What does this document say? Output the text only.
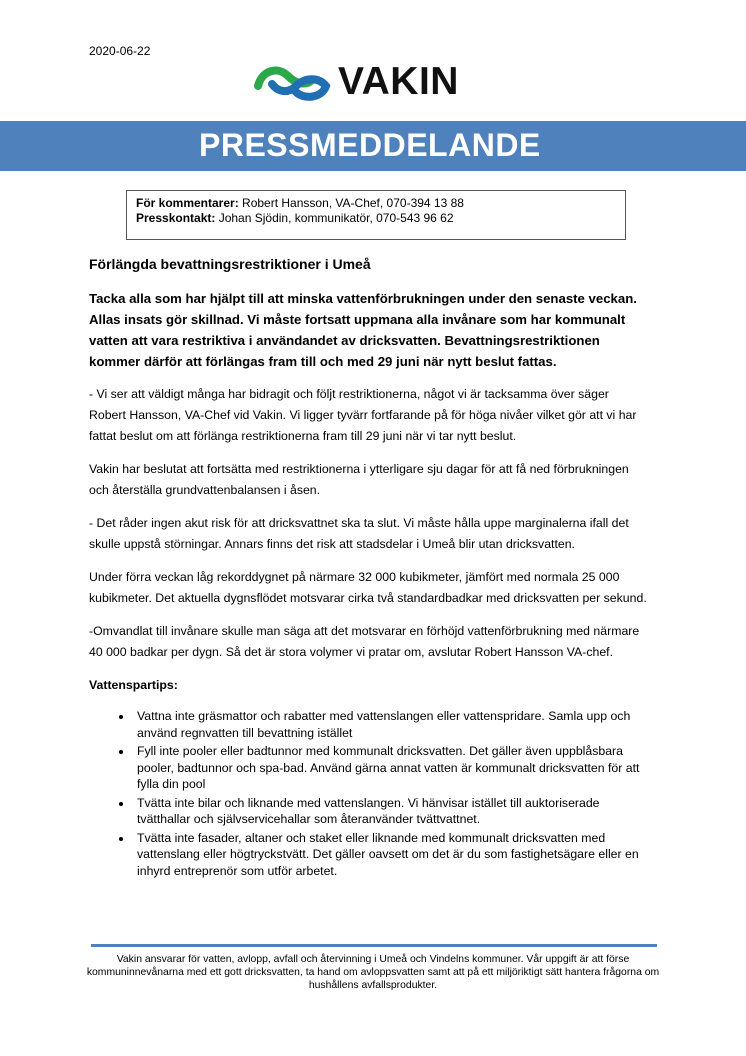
2020-06-22
VAKIN
PRESSMEDDELANDE
För kommentarer: Robert Hansson, VA-Chef, 070-394 13 88
Presskontakt: Johan Sjödin, kommunikatör, 070-543 96 62
Förlängda bevattningsrestriktioner i Umeå

Tacka alla som har hjälpt till att minska vattenförbrukningen under den senaste veckan. Allas insats gör skillnad. Vi måste fortsatt uppmana alla invånare som har kommunalt vatten att vara restriktiva i användandet av dricksvatten. Bevattningsrestriktionen kommer därför att förlängas fram till och med 29 juni när nytt beslut fattas.

- Vi ser att väldigt många har bidragit och följt restriktionerna, något vi är tacksamma över säger Robert Hansson, VA-Chef vid Vakin. Vi ligger tyvärr fortfarande på för höga nivåer vilket gör att vi har fattat beslut om att förlänga restriktionerna fram till 29 juni när vi tar nytt beslut.

Vakin har beslutat att fortsätta med restriktionerna i ytterligare sju dagar för att få ned förbrukningen och återställa grundvattenbalansen i åsen.

- Det råder ingen akut risk för att dricksvattnet ska ta slut. Vi måste hålla uppe marginalerna ifall det skulle uppstå störningar. Annars finns det risk att stadsdelar i Umeå blir utan dricksvatten.

Under förra veckan låg rekorddygnet på närmare 32 000 kubikmeter, jämfört med normala 25 000 kubikmeter. Det aktuella dygnsflödet motsvarar cirka två standardbadkar med dricksvatten per sekund.

-Omvandlat till invånare skulle man säga att det motsvarar en förhöjd vattenförbrukning med närmare 40 000 badkar per dygn. Så det är stora volymer vi pratar om, avslutar Robert Hansson VA-chef.

Vattenspartips:
• Vattna inte gräsmattor och rabatter med vattenslangen eller vattenspridare. Samla upp och använd regnvatten till bevattning istället
• Fyll inte pooler eller badtunnor med kommunalt dricksvatten. Det gäller även uppblåsbara pooler, badtunnor och spa-bad. Använd gärna annat vatten är kommunalt dricksvatten för att fylla din pool
• Tvätta inte bilar och liknande med vattenslangen. Vi hänvisar istället till auktoriserade tvätthallar och självservicehallar som återanvänder tvättvattnet.
• Tvätta inte fasader, altaner och staket eller liknande med kommunalt dricksvatten med vattenslang eller högtryckstvätt. Det gäller oavsett om det är du som fastighetsägare eller en inhyrd entreprenör som utför arbetet.
Vakin ansvarar för vatten, avlopp, avfall och återvinning i Umeå och Vindelns kommuner. Vår uppgift är att förse kommuninnevånarna med ett gott dricksvatten, ta hand om avloppsvatten samt att på ett miljöriktigt sätt hantera frågorna om hushållens avfallsprodukter.
